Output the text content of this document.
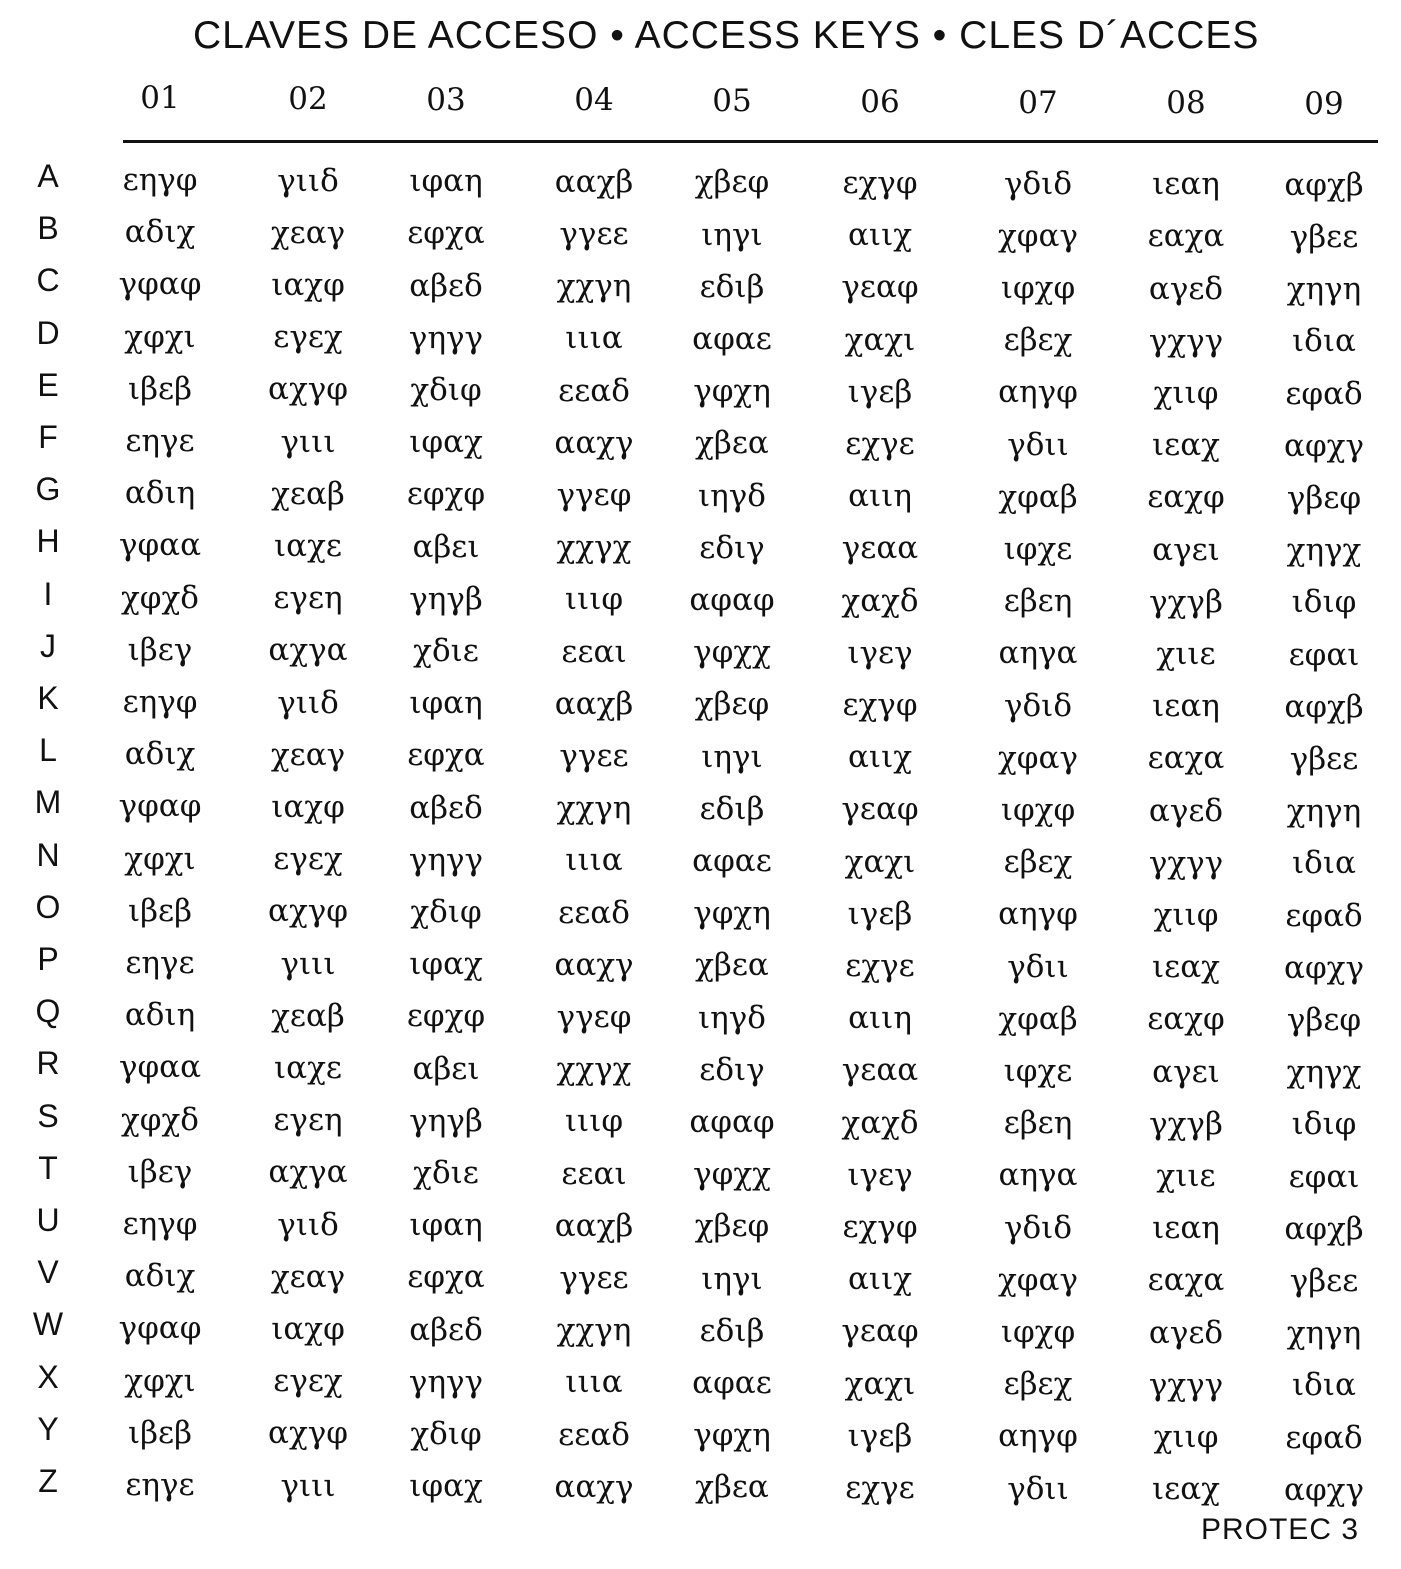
CLAVES DE ACCESO • ACCESS KEYS • CLES D´ACCES
01	02	03	04	05	06	07	08	09
A	εηγφ	γιιδ	ιφαη	ααχβ	χβεφ	εχγφ	γδιδ	ιεαη	αφχβ
B	αδιχ	χεαγ	εφχα	γγεε	ιηγι	αιιχ	χφαγ	εαχα	γβεε
C	γφαφ	ιαχφ	αβεδ	χχγη	εδιβ	γεαφ	ιφχφ	αγεδ	χηγη
D	χφχι	εγεχ	γηγγ	ιιια	αφαε	χαχι	εβεχ	γχγγ	ιδια
E	ιβεβ	αχγφ	χδιφ	εεαδ	γφχη	ιγεβ	αηγφ	χιιφ	εφαδ
F	εηγε	γιιι	ιφαχ	ααχγ	χβεα	εχγε	γδιι	ιεαχ	αφχγ
G	αδιη	χεαβ	εφχφ	γγεφ	ιηγδ	αιιη	χφαβ	εαχφ	γβεφ
H	γφαα	ιαχε	αβει	χχγχ	εδιγ	γεαα	ιφχε	αγει	χηγχ
I	χφχδ	εγεη	γηγβ	ιιιφ	αφαφ	χαχδ	εβεη	γχγβ	ιδιφ
J	ιβεγ	αχγα	χδιε	εεαι	γφχχ	ιγεγ	αηγα	χιιε	εφαι
K	εηγφ	γιιδ	ιφαη	ααχβ	χβεφ	εχγφ	γδιδ	ιεαη	αφχβ
L	αδιχ	χεαγ	εφχα	γγεε	ιηγι	αιιχ	χφαγ	εαχα	γβεε
M	γφαφ	ιαχφ	αβεδ	χχγη	εδιβ	γεαφ	ιφχφ	αγεδ	χηγη
N	χφχι	εγεχ	γηγγ	ιιια	αφαε	χαχι	εβεχ	γχγγ	ιδια
O	ιβεβ	αχγφ	χδιφ	εεαδ	γφχη	ιγεβ	αηγφ	χιιφ	εφαδ
P	εηγε	γιιι	ιφαχ	ααχγ	χβεα	εχγε	γδιι	ιεαχ	αφχγ
Q	αδιη	χεαβ	εφχφ	γγεφ	ιηγδ	αιιη	χφαβ	εαχφ	γβεφ
R	γφαα	ιαχε	αβει	χχγχ	εδιγ	γεαα	ιφχε	αγει	χηγχ
S	χφχδ	εγεη	γηγβ	ιιιφ	αφαφ	χαχδ	εβεη	γχγβ	ιδιφ
T	ιβεγ	αχγα	χδιε	εεαι	γφχχ	ιγεγ	αηγα	χιιε	εφαι
U	εηγφ	γιιδ	ιφαη	ααχβ	χβεφ	εχγφ	γδιδ	ιεαη	αφχβ
V	αδιχ	χεαγ	εφχα	γγεε	ιηγι	αιιχ	χφαγ	εαχα	γβεε
W	γφαφ	ιαχφ	αβεδ	χχγη	εδιβ	γεαφ	ιφχφ	αγεδ	χηγη
X	χφχι	εγεχ	γηγγ	ιιια	αφαε	χαχι	εβεχ	γχγγ	ιδια
Y	ιβεβ	αχγφ	χδιφ	εεαδ	γφχη	ιγεβ	αηγφ	χιιφ	εφαδ
Z	εηγε	γιιι	ιφαχ	ααχγ	χβεα	εχγε	γδιι	ιεαχ	αφχγ
PROTEC 3
